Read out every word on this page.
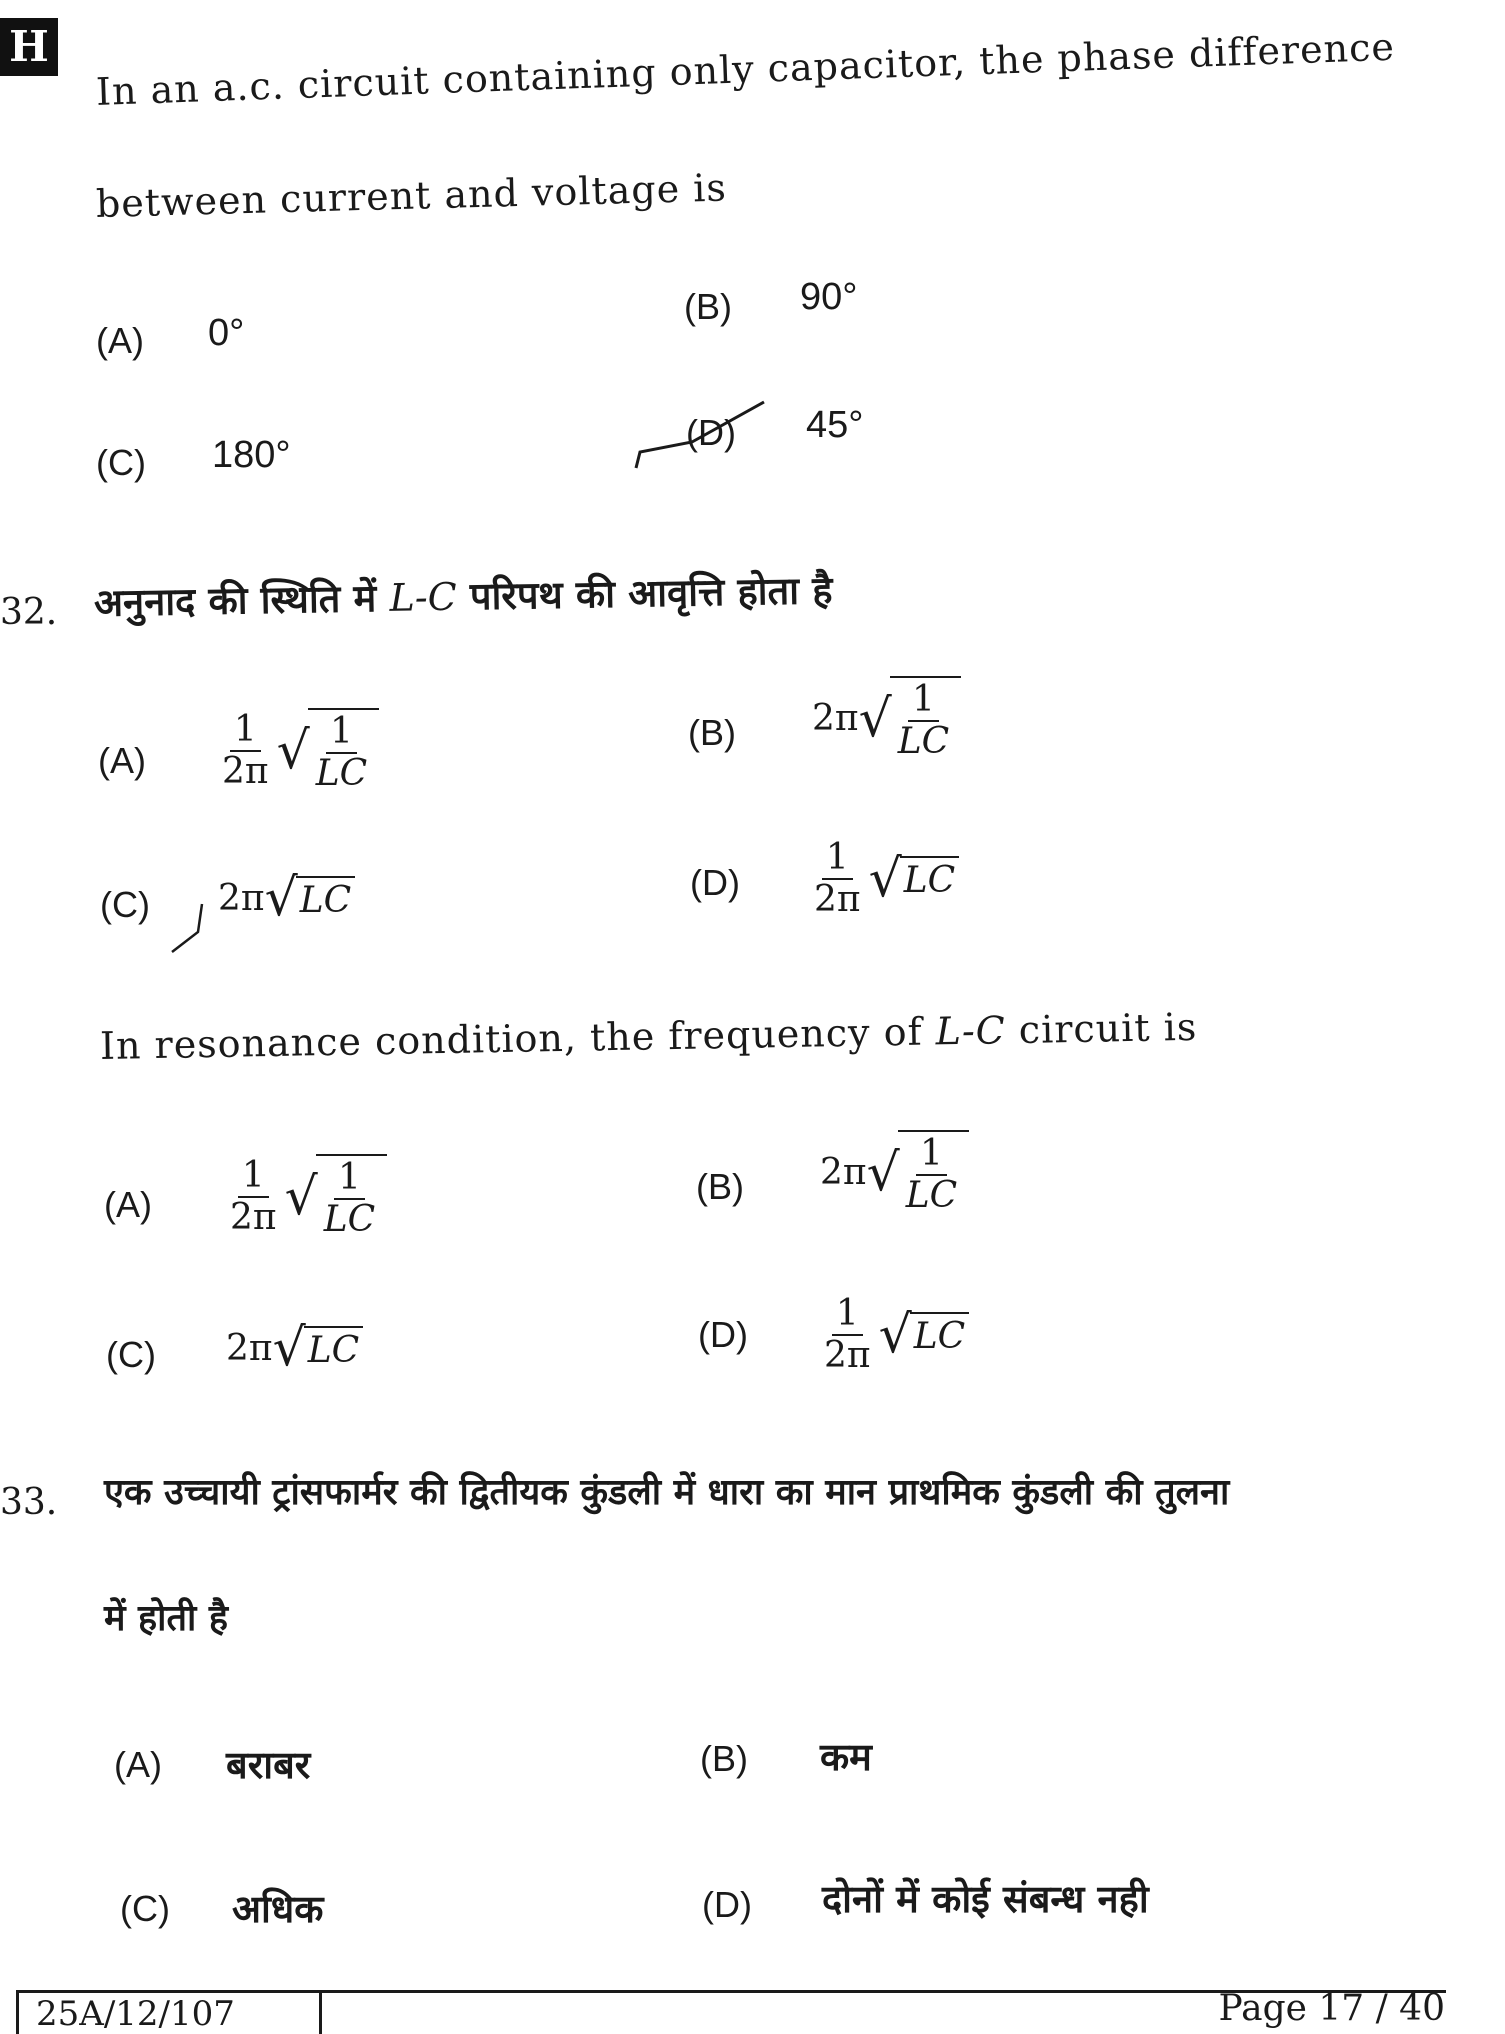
H In an a.c. circuit containing only capacitor, the phase difference
between current and voltage is
(A) 0°
(B) 90°
(C) 180°
(D) 45°
32. अनुनाद की स्थिति में L-C परिपथ की आवृत्ति होता है
$(A) \frac{1}{2\pi}$ √ $\frac{1}{LC}$	(B) 2π √ $\frac{1}{LC}$
(C) 2π √ LC	$(D) \frac{1}{2\pi}$ √ LC
In resonance condition, the frequency of L-C circuit is
$(A) \frac{1}{2\pi}$ √ $\frac{1}{LC}$	(B) 2π √ $\frac{1}{LC}$
(C) 2π √ LC	$(D) \frac{1}{2\pi}$ √ LC
33. एक उच्चायी ट्रांसफार्मर की द्वितीयक कुंडली में धारा का मान प्राथमिक कुंडली की तुलना
में होती है
(A) बराबर	(B) कम
(C) अधिक	(D) दोनों में कोई संबन्ध नही
25A/12/107	Page 17 / 40
